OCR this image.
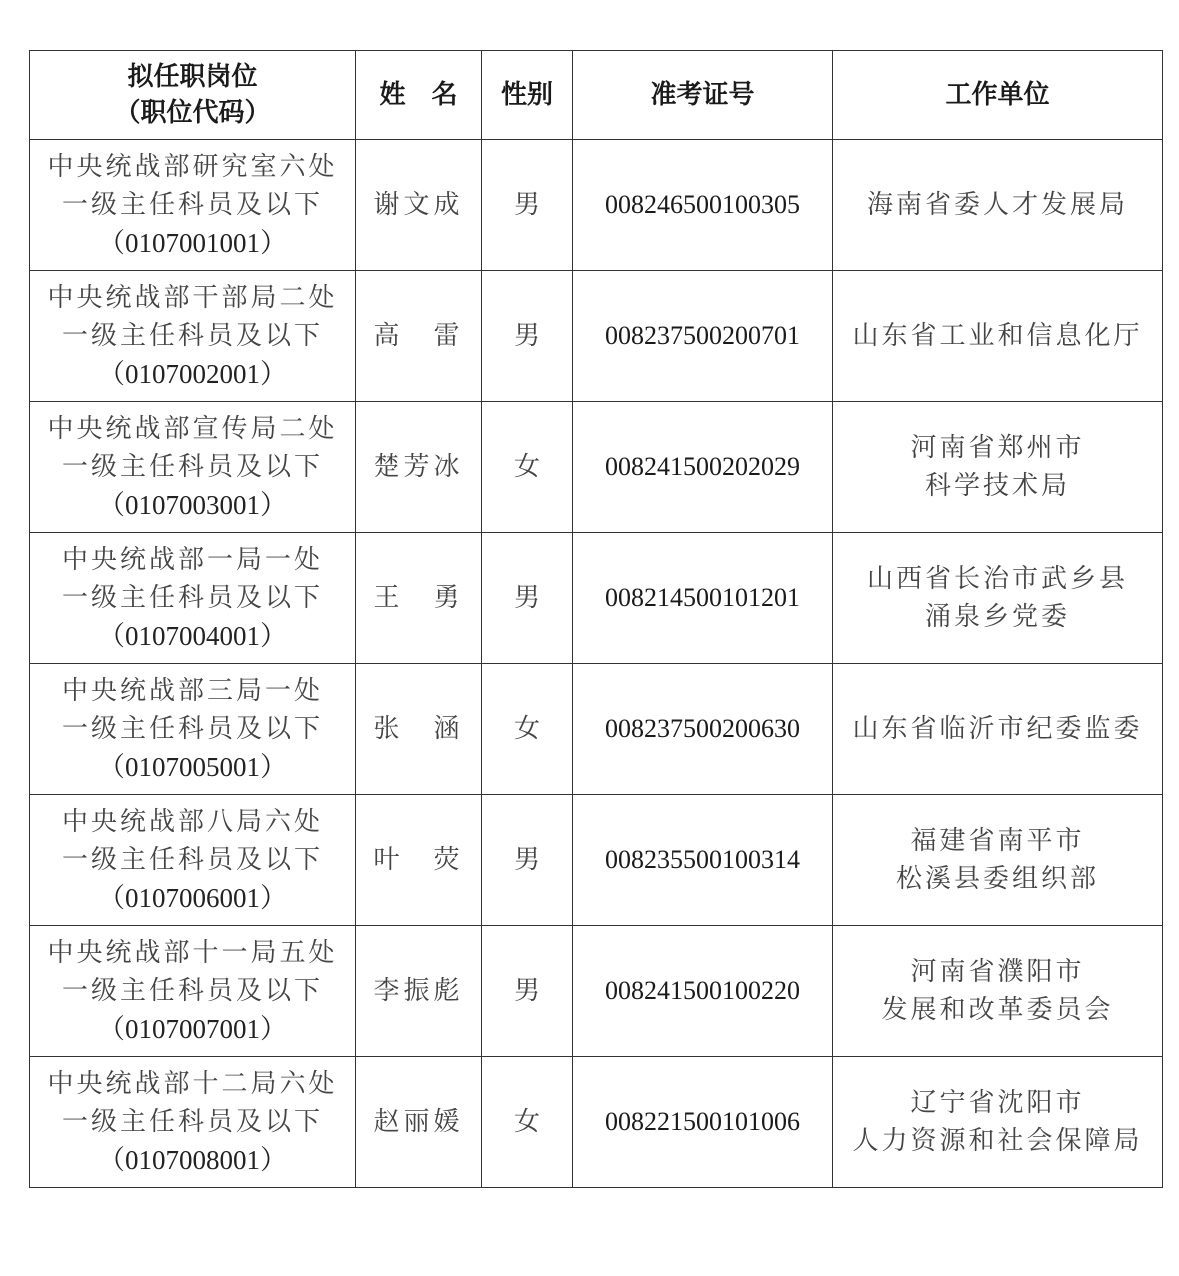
拟任职岗位
（职位代码）	姓　名	性别	准考证号	工作单位

中央统战部研究室六处
一级主任科员及以下
（0107001001）	谢文成	男	008246500100305	海南省委人才发展局

中央统战部干部局二处
一级主任科员及以下
（0107002001）	高　雷	男	008237500200701	山东省工业和信息化厅

中央统战部宣传局二处
一级主任科员及以下
（0107003001）	楚芳冰	女	008241500202029	河南省郑州市
科学技术局

中央统战部一局一处
一级主任科员及以下
（0107004001）	王　勇	男	008214500101201	山西省长治市武乡县
涌泉乡党委

中央统战部三局一处
一级主任科员及以下
（0107005001）	张　涵	女	008237500200630	山东省临沂市纪委监委

中央统战部八局六处
一级主任科员及以下
（0107006001）	叶　荧	男	008235500100314	福建省南平市
松溪县委组织部

中央统战部十一局五处
一级主任科员及以下
（0107007001）	李振彪	男	008241500100220	河南省濮阳市
发展和改革委员会

中央统战部十二局六处
一级主任科员及以下
（0107008001）	赵丽媛	女	008221500101006	辽宁省沈阳市
人力资源和社会保障局
